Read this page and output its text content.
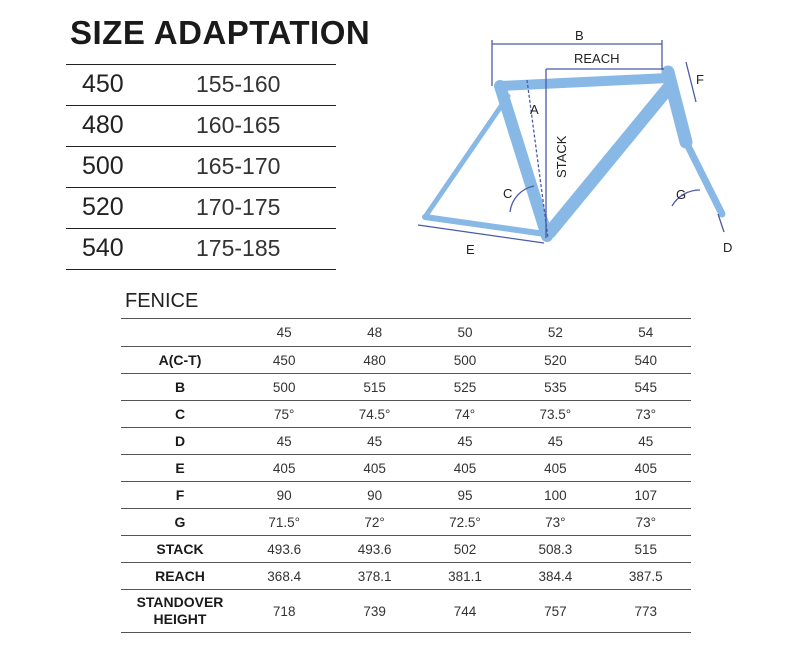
SIZE ADAPTATION
450	155-160
480	160-165
500	165-170
520	170-175
540	175-185
B
REACH
A
F
C	G
E	D
STACK
FENICE
	45	48	50	52	54
A(C-T)	450	480	500	520	540
B	500	515	525	535	545
C	75°	74.5°	74°	73.5°	73°
D	45	45	45	45	45
E	405	405	405	405	405
F	90	90	95	100	107
G	71.5°	72°	72.5°	73°	73°
STACK	493.6	493.6	502	508.3	515
REACH	368.4	378.1	381.1	384.4	387.5
STANDOVER HEIGHT	718	739	744	757	773
